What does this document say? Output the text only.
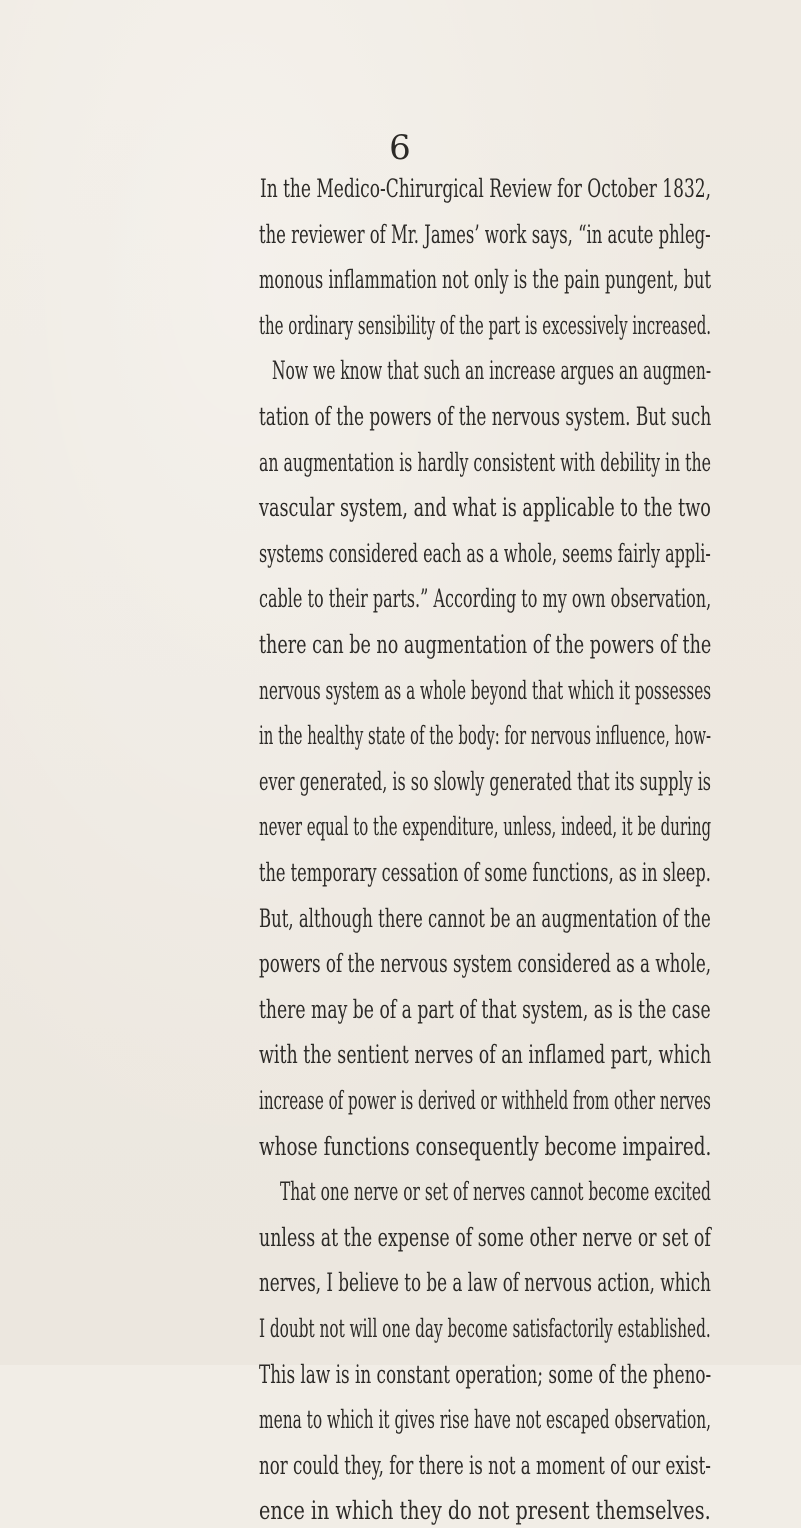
6
In the Medico-Chirurgical Review for October 1832,
the reviewer of Mr. James’ work says, “in acute phleg-
monous inflammation not only is the pain pungent, but
the ordinary sensibility of the part is excessively increased.
Now we know that such an increase argues an augmen-
tation of the powers of the nervous system. But such
an augmentation is hardly consistent with debility in the
vascular system, and what is applicable to the two
systems considered each as a whole, seems fairly appli-
cable to their parts.” According to my own observation,
there can be no augmentation of the powers of the
nervous system as a whole beyond that which it possesses
in the healthy state of the body: for nervous influence, how-
ever generated, is so slowly generated that its supply is
never equal to the expenditure, unless, indeed, it be during
the temporary cessation of some functions, as in sleep.
But, although there cannot be an augmentation of the
powers of the nervous system considered as a whole,
there may be of a part of that system, as is the case
with the sentient nerves of an inflamed part, which
increase of power is derived or withheld from other nerves
whose functions consequently become impaired.
That one nerve or set of nerves cannot become excited
unless at the expense of some other nerve or set of
nerves, I believe to be a law of nervous action, which
I doubt not will one day become satisfactorily established.
This law is in constant operation; some of the pheno-
mena to which it gives rise have not escaped observation,
nor could they, for there is not a moment of our exist-
ence in which they do not present themselves.
